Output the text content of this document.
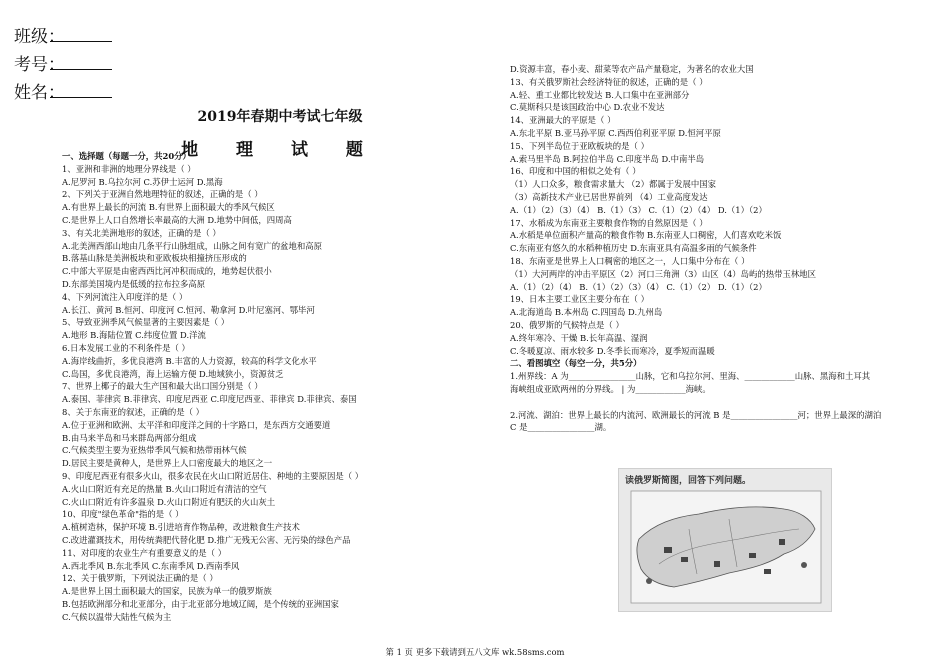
班级：
考号：
姓名：
2019年春期中考试七年级
地 理 试 题
一、选择题（每题一分，共20分）
1、亚洲和非洲的地理分界线是（ ）
A.尼罗河 B.乌拉尔河 C.苏伊士运河 D.黑海
2、下列关于亚洲自然地理特征的叙述，正确的是（ ）
A.有世界上最长的河流 B.有世界上面积最大的季风气候区
C.是世界上人口自然增长率最高的大洲 D.地势中间低，四周高
3、有关北美洲地形的叙述，正确的是（ ）
A.北美洲西部山地由几条平行山脉组成，山脉之间有宽广的盆地和高原
B.落基山脉是美洲板块和亚欧板块相撞挤压形成的
C.中部大平原是由密西西比河冲积而成的，地势起伏很小
D.东部美国境内是低缓的拉布拉多高原
4、下列河流注入印度洋的是（ ）
A.长江、黄河 B.恒河、印度河 C.恒河、勒拿河 D.叶尼塞河、鄂毕河
5、导致亚洲季风气候显著的主要因素是（ ）
A.地形 B.海陆位置 C.纬度位置 D.洋流
6.日本发展工业的不利条件是（ ）
A.海岸线曲折，多优良港湾 B.丰富的人力资源，较高的科学文化水平
C.岛国，多优良港湾，海上运输方便 D.地域狭小，资源贫乏
7、世界上椰子的最大生产国和最大出口国分别是（ ）
A.泰国、菲律宾 B.菲律宾、印度尼西亚 C.印度尼西亚、菲律宾 D.菲律宾、泰国
8、关于东南亚的叙述，正确的是（ ）
A.位于亚洲和欧洲、太平洋和印度洋之间的十字路口，是东西方交通要道
B.由马来半岛和马来群岛两部分组成
C.气候类型主要为亚热带季风气候和热带雨林气候
D.居民主要是黄种人，是世界上人口密度最大的地区之一
9、印度尼西亚有很多火山，很多农民在火山口附近居住、种地的主要原因是（ ）
A.火山口附近有充足的热量 B.火山口附近有清洁的空气
C.火山口附近有许多温泉 D.火山口附近有肥沃的火山灰土
10、印度"绿色革命"指的是（ ）
A.植树造林，保护环境 B.引进培育作物品种，改进粮食生产技术
C.改进灌溉技术，用传统粪肥代替化肥 D.推广无残无公害、无污染的绿色产品
11、对印度的农业生产有重要意义的是（ ）
A.西北季风 B.东北季风 C.东南季风 D.西南季风
12、关于俄罗斯，下列说法正确的是（ ）
A.是世界上国土面积最大的国家，民族为单一的俄罗斯族
B.包括欧洲部分和北亚部分，由于北亚部分地域辽阔，是个传统的亚洲国家
C.气候以温带大陆性气候为主
D.资源丰富，春小麦、甜菜等农产品产量稳定，为著名的农业大国
13、有关俄罗斯社会经济特征的叙述，正确的是（ ）
A.轻、重工业都比较发达 B.人口集中在亚洲部分
C.莫斯科只是该国政治中心 D.农业不发达
14、亚洲最大的平原是（ ）
A.东北平原 B.亚马孙平原 C.西西伯利亚平原 D.恒河平原
15、下列半岛位于亚欧板块的是（ ）
A.索马里半岛 B.阿拉伯半岛 C.印度半岛 D.中南半岛
16、印度和中国的相似之处有（ ）
（1）人口众多，粮食需求量大 （2）都属于发展中国家
（3）高新技术产业已居世界前列 （4）工业高度发达
A.（1）（2）（3）（4） B.（1）（3） C.（1）（2）（4） D.（1）（2）
17、水稻成为东南亚主要粮食作物的自然原因是（ ）
A.水稻是单位面积产量高的粮食作物 B.东南亚人口稠密，人们喜欢吃米饭
C.东南亚有悠久的水稻种植历史 D.东南亚具有高温多雨的气候条件
18、东南亚是世界上人口稠密的地区之一，人口集中分布在（ ）
（1）大河两岸的冲击平原区（2）河口三角洲（3）山区（4）岛屿的热带玉林地区
A.（1）（2）（4） B.（1）（2）（3）（4） C.（1）（2） D.（1）（2）
19、日本主要工业区主要分布在（ ）
A.北海道岛 B.本州岛 C.四国岛 D.九州岛
20、俄罗斯的气候特点是（ ）
A.终年寒冷、干燥 B.长年高温、湿润
C.冬暖夏凉、雨水较多 D.冬季长而寒冷，夏季短而温暖
二、看图填空（每空一分，共5分）
1.州界线：A 为________________山脉，它和乌拉尔河、里海、____________山脉、黑海和土耳其
海峡组成亚欧两州的分界线。 | 为____________海峡。
2.河流、湖泊：世界上最长的内流河、欧洲最长的河流 B 是________________河；世界上最深的湖泊
C 是________________湖。
读俄罗斯简图，回答下列问题。
第 1 页 更多下载请到五八文库 wk.58sms.com
